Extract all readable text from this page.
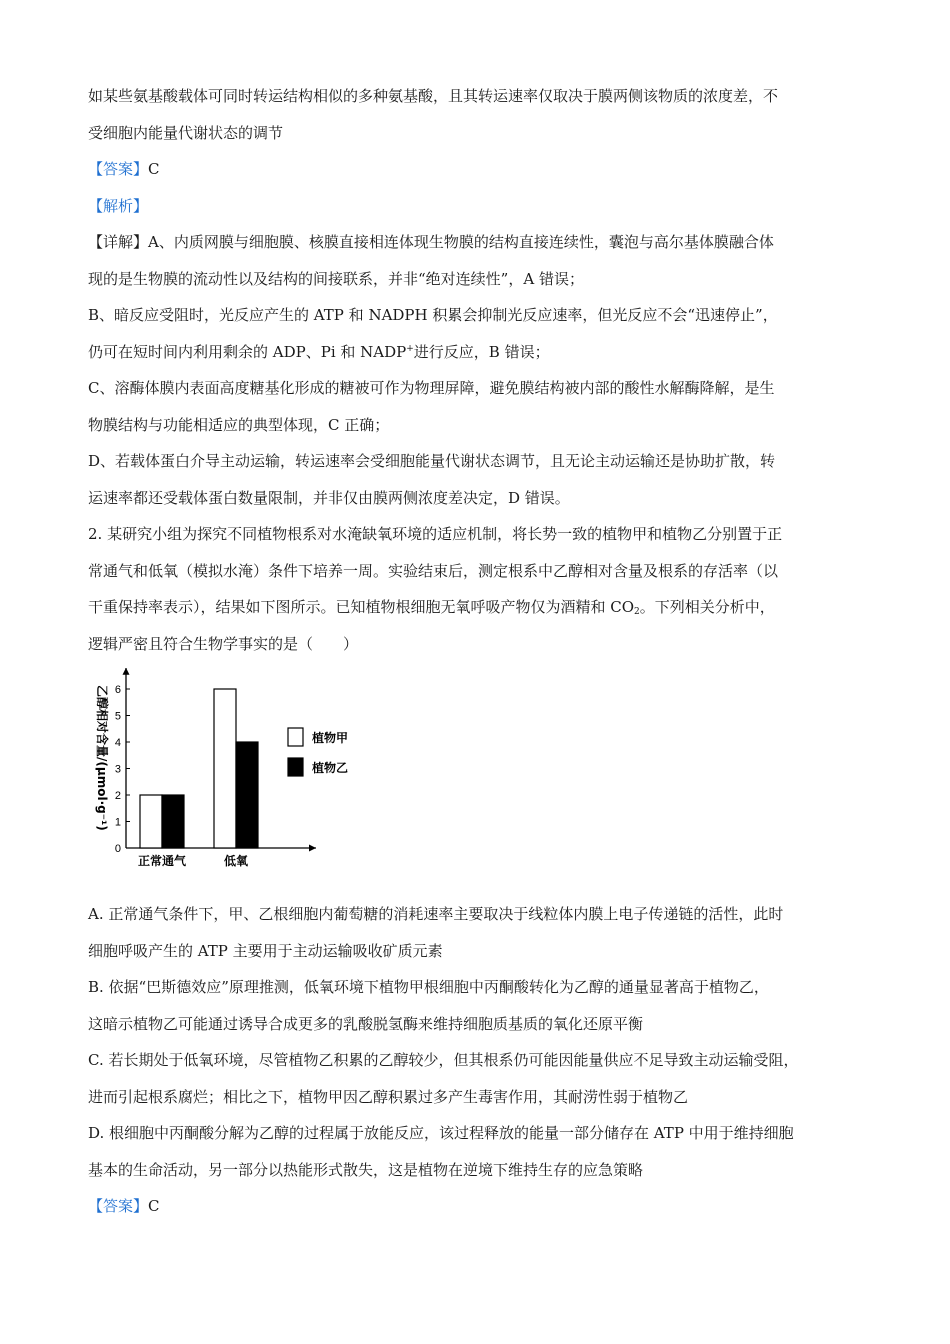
如某些氨基酸载体可同时转运结构相似的多种氨基酸，且其转运速率仅取决于膜两侧该物质的浓度差，不
受细胞内能量代谢状态的调节
【答案】C
【解析】
【详解】A、内质网膜与细胞膜、核膜直接相连体现生物膜的结构直接连续性，囊泡与高尔基体膜融合体
现的是生物膜的流动性以及结构的间接联系，并非“绝对连续性”，A 错误；
B、暗反应受阻时，光反应产生的 ATP 和 NADPH 积累会抑制光反应速率，但光反应不会“迅速停止”，
仍可在短时间内利用剩余的 ADP、Pi 和 NADP+进行反应，B 错误；
C、溶酶体膜内表面高度糖基化形成的糖被可作为物理屏障，避免膜结构被内部的酸性水解酶降解，是生
物膜结构与功能相适应的典型体现，C 正确；
D、若载体蛋白介导主动运输，转运速率会受细胞能量代谢状态调节，且无论主动运输还是协助扩散，转
运速率都还受载体蛋白数量限制，并非仅由膜两侧浓度差决定，D 错误。
2. 某研究小组为探究不同植物根系对水淹缺氧环境的适应机制，将长势一致的植物甲和植物乙分别置于正
常通气和低氧（模拟水淹）条件下培养一周。实验结束后，测定根系中乙醇相对含量及根系的存活率（以
干重保持率表示），结果如下图所示。已知植物根细胞无氧呼吸产物仅为酒精和 $CO_2$。下列相关分析中，
逻辑严密且符合生物学事实的是（　　）
0
1
2
3
4
5
6
乙醇相对含量/(μmol·g⁻¹)
正常通气	低氧
植物甲
植物乙
A. 正常通气条件下，甲、乙根细胞内葡萄糖的消耗速率主要取决于线粒体内膜上电子传递链的活性，此时
细胞呼吸产生的 ATP 主要用于主动运输吸收矿质元素
B. 依据“巴斯德效应”原理推测，低氧环境下植物甲根细胞中丙酮酸转化为乙醇的通量显著高于植物乙，
这暗示植物乙可能通过诱导合成更多的乳酸脱氢酶来维持细胞质基质的氧化还原平衡
C. 若长期处于低氧环境，尽管植物乙积累的乙醇较少，但其根系仍可能因能量供应不足导致主动运输受阻，
进而引起根系腐烂；相比之下，植物甲因乙醇积累过多产生毒害作用，其耐涝性弱于植物乙
D. 根细胞中丙酮酸分解为乙醇的过程属于放能反应，该过程释放的能量一部分储存在 ATP 中用于维持细胞
基本的生命活动，另一部分以热能形式散失，这是植物在逆境下维持生存的应急策略
【答案】C
